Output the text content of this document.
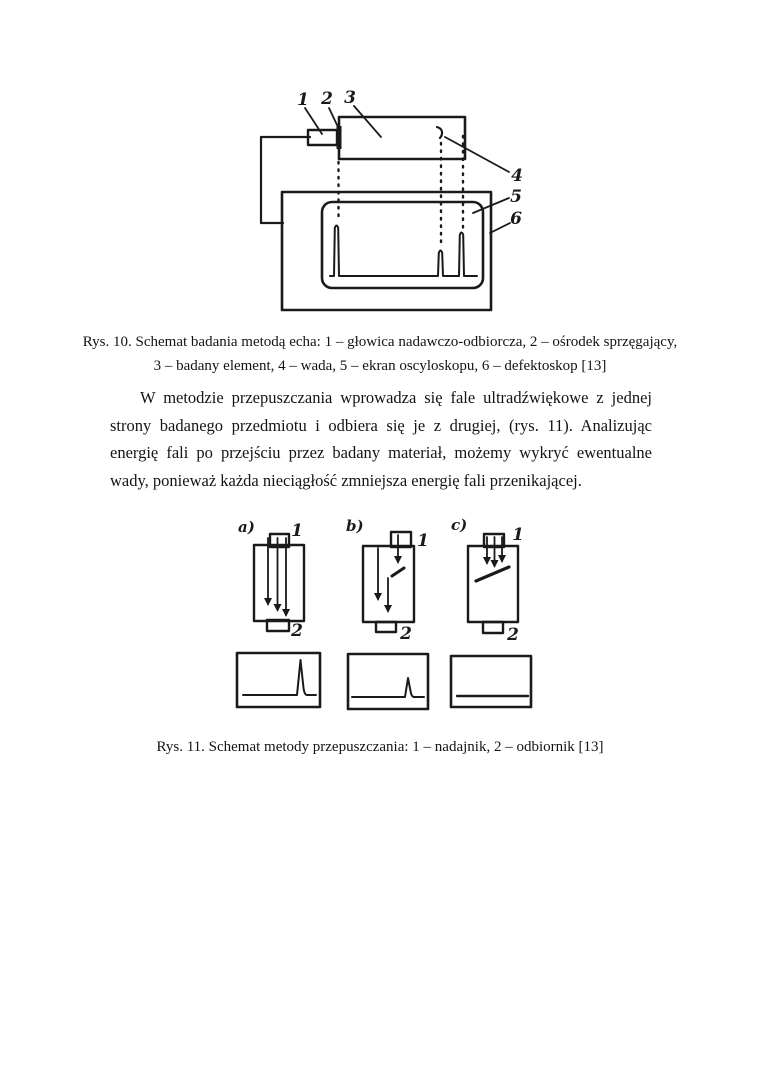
1 2 3
4
5
6
Rys. 10. Schemat badania metodą echa: 1 – głowica nadawczo-odbiorcza, 2 – ośrodek sprzęgający,
3 – badany element, 4 – wada, 5 – ekran oscyloskopu, 6 – defektoskop [13]
W metodzie przepuszczania wprowadza się fale ultradźwiękowe z jednej strony badanego przedmiotu i odbiera się je z drugiej, (rys. 11). Analizując energię fali po przejściu przez badany materiał, możemy wykryć ewentualne wady, ponieważ każda nieciągłość zmniejsza energię fali przenikającej.
a) 1
2
b)
1
2
c)	1
2
Rys. 11. Schemat metody przepuszczania: 1 – nadajnik, 2 – odbiornik [13]
